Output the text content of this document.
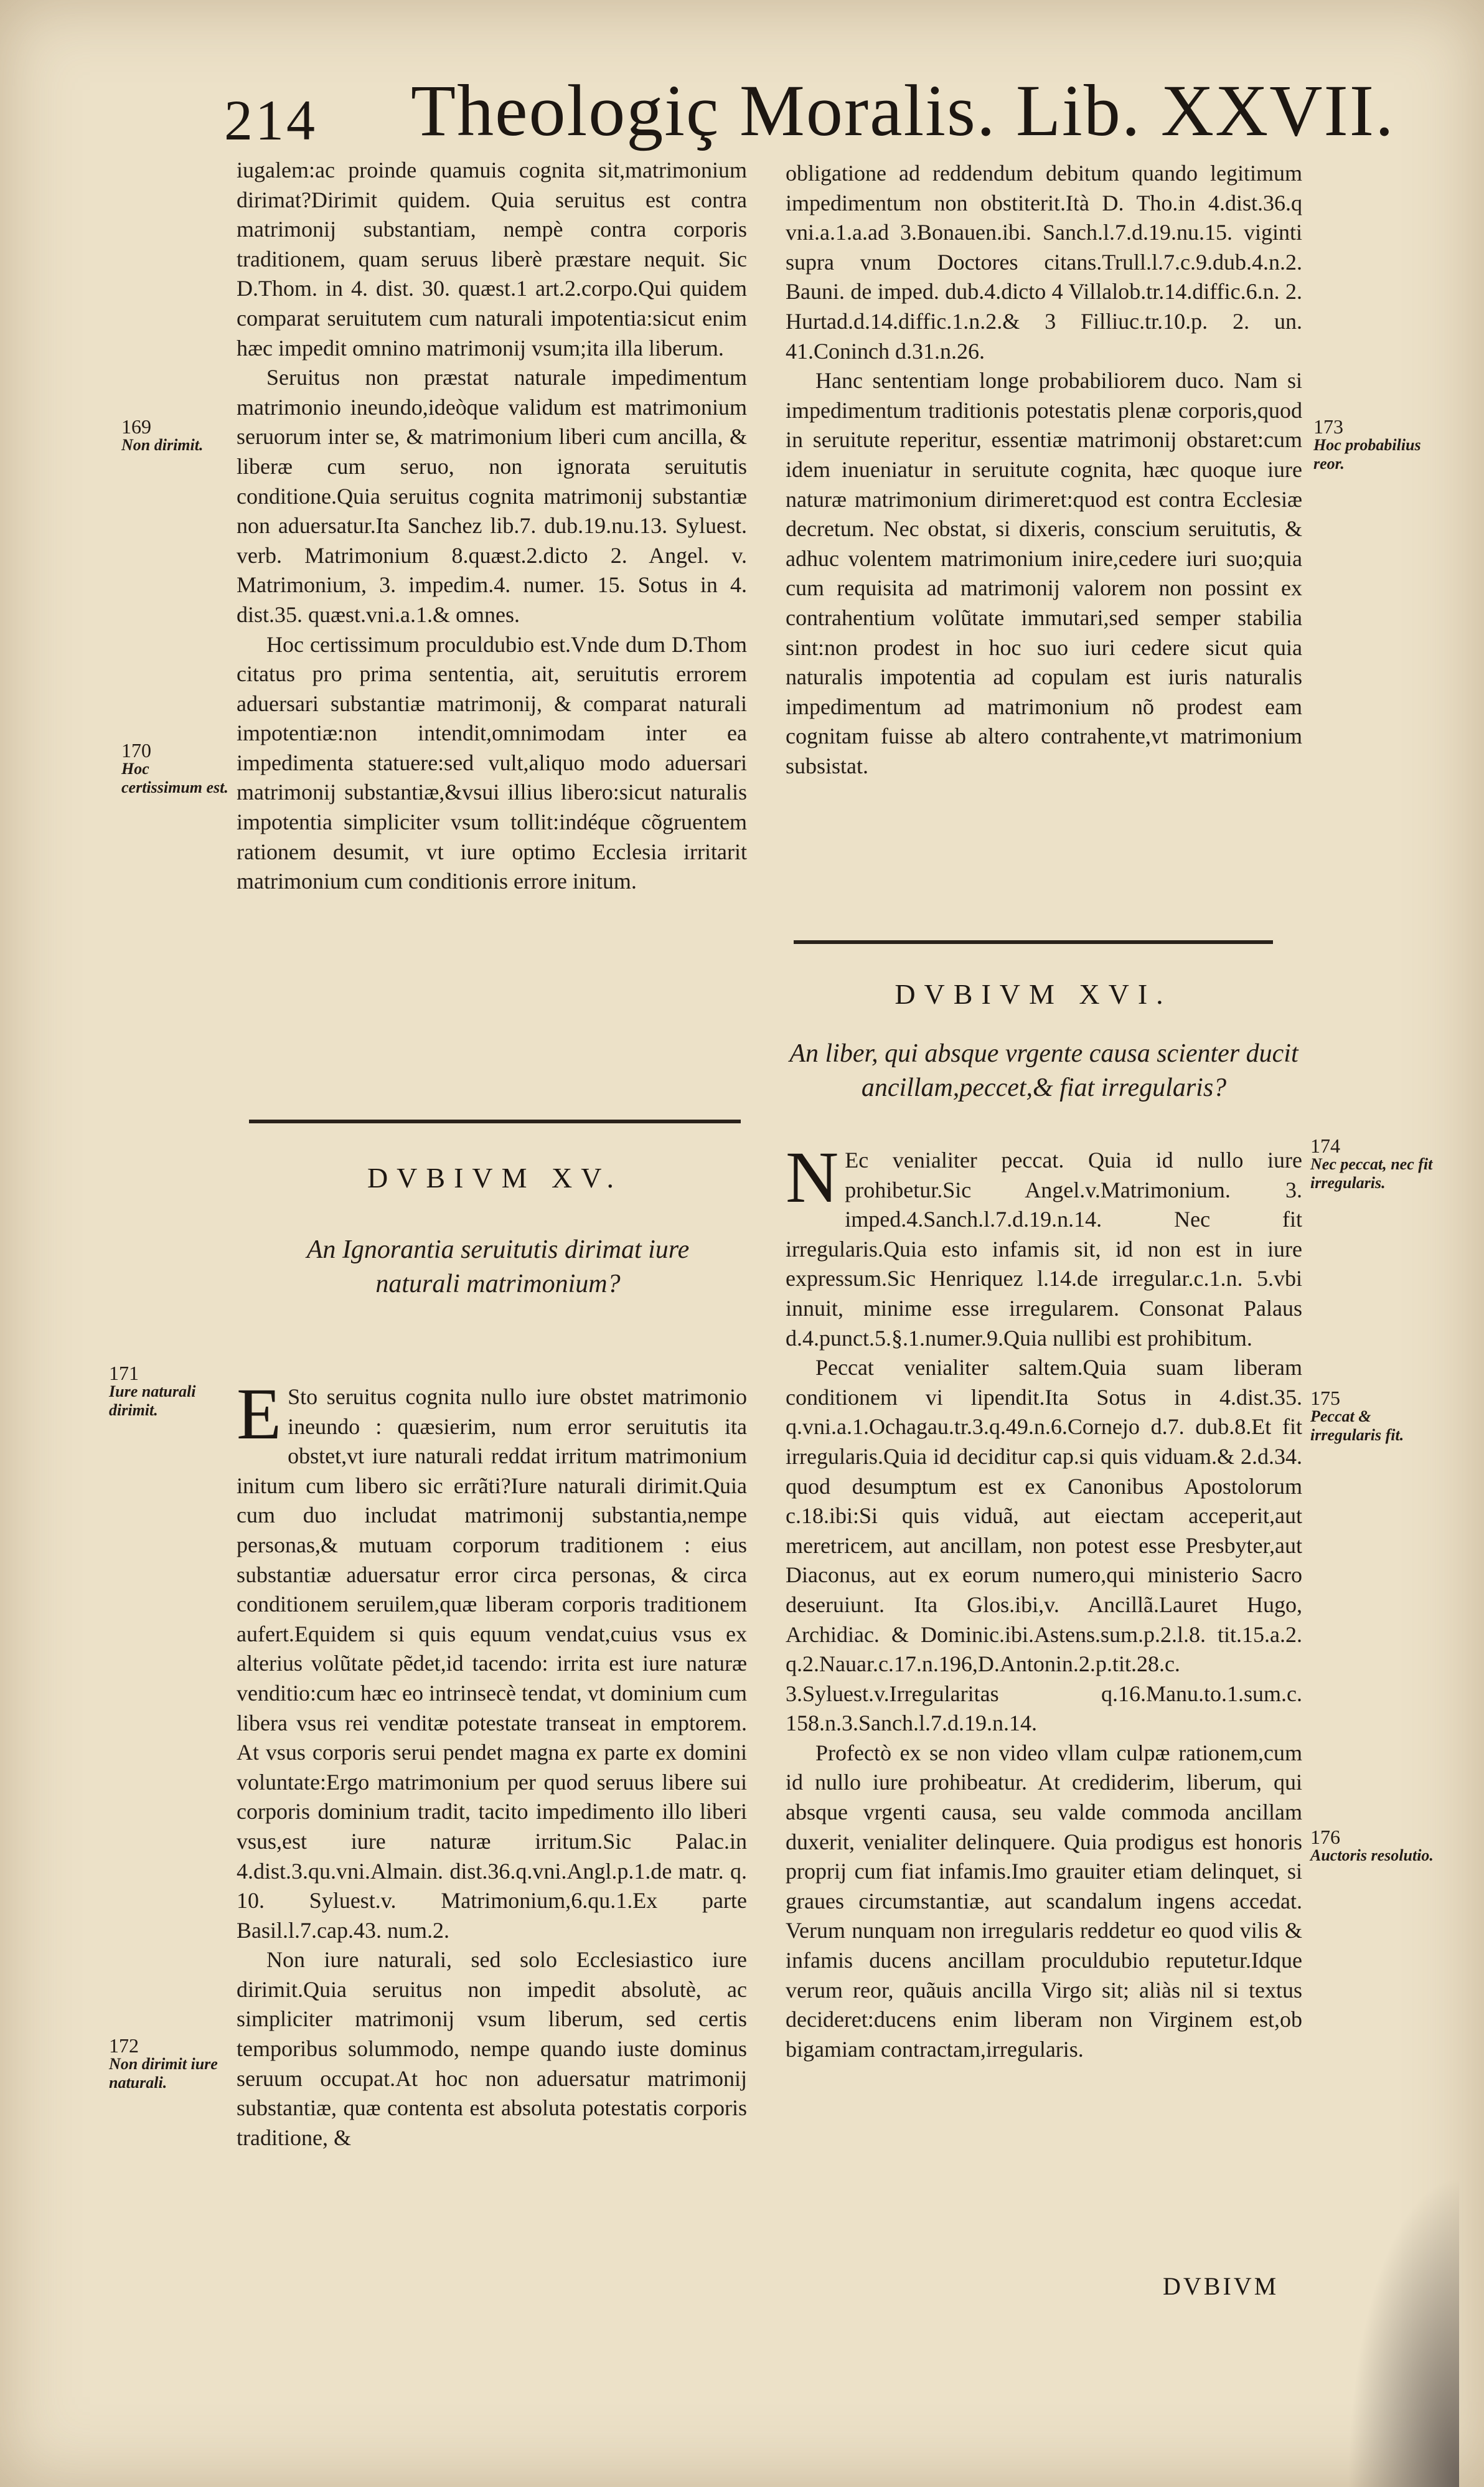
214 Theologiç Moralis. Lib. XXVII.

iugalem:ac proinde quamuis cognita sit,matrimonium dirimat?Dirimit quidem. Quia seruitus est contra matrimonij substantiam, nempè contra corporis traditionem, quam seruus liberè præstare nequit. Sic D.Thom. in 4. dist. 30. quæst.1 art.2.corpo.Qui quidem comparat seruitutem cum naturali impotentia:sicut enim hæc impedit omnino matrimonij vsum;ita illa liberum.

Seruitus non præstat naturale impedimentum matrimonio ineundo,ideòque validum est matrimonium seruorum inter se, & matrimonium liberi cum ancilla, & liberæ cum seruo, non ignorata seruitutis conditione.Quia seruitus cognita matrimonij substantiæ non aduersatur.Ita Sanchez lib.7. dub.19.nu.13. Syluest. verb. Matrimonium 8.quæst.2.dicto 2. Angel. v. Matrimonium, 3. impedim.4. numer. 15. Sotus in 4. dist.35. quæst.vni.a.1.& omnes.

Hoc certissimum proculdubio est.Vnde dum D.Thom citatus pro prima sententia, ait, seruitutis errorem aduersari substantiæ matrimonij, & comparat naturali impotentiæ:non intendit,omnimodam inter ea impedimenta statuere:sed vult,aliquo modo aduersari matrimonij substantiæ,&vsui illius libero:sicut naturalis impotentia simpliciter vsum tollit:indéque cõgruentem rationem desumit, vt iure optimo Ecclesia irritarit matrimonium cum conditionis errore initum.

DVBIVM XV.
An Ignorantia seruitutis dirimat iure naturali matrimonium?

E Sto seruitus cognita nullo iure obstet matrimonio ineundo : quæsierim, num error seruitutis ita obstet,vt iure naturali reddat irritum matrimonium initum cum libero sic errãti?Iure naturali dirimit.Quia cum duo includat matrimonij substantia,nempe personas,& mutuam corporum traditionem : eius substantiæ aduersatur error circa personas, & circa conditionem seruilem,quæ liberam corporis traditionem aufert.Equidem si quis equum vendat,cuius vsus ex alterius volũtate pẽdet,id tacendo: irrita est iure naturæ venditio:cum hæc eo intrinsecè tendat, vt dominium cum libera vsus rei venditæ potestate transeat in emptorem. At vsus corporis serui pendet magna ex parte ex domini voluntate:Ergo matrimonium per quod seruus libere sui corporis dominium tradit, tacito impedimento illo liberi vsus,est iure naturæ irritum.Sic Palac.in 4.dist.3.qu.vni.Almain. dist.36.q.vni.Angl.p.1.de matr. q. 10. Syluest.v. Matrimonium,6.qu.1.Ex parte Basil.l.7.cap.43. num.2.

Non iure naturali, sed solo Ecclesiastico iure dirimit.Quia seruitus non impedit absolutè, ac simpliciter matrimonij vsum liberum, sed certis temporibus solummodo, nempe quando iuste dominus seruum occupat.At hoc non aduersatur matrimonij substantiæ, quæ contenta est absoluta potestatis corporis traditione, &

obligatione ad reddendum debitum quando legitimum impedimentum non obstiterit.Ità D. Tho.in 4.dist.36.q vni.a.1.a.ad 3.Bonauen.ibi. Sanch.l.7.d.19.nu.15. viginti supra vnum Doctores citans.Trull.l.7.c.9.dub.4.n.2. Bauni. de imped. dub.4.dicto 4 Villalob.tr.14.diffic.6.n. 2. Hurtad.d.14.diffic.1.n.2.& 3 Filliuc.tr.10.p. 2. un. 41.Coninch d.31.n.26.

Hanc sententiam longe probabiliorem duco. Nam si impedimentum traditionis potestatis plenæ corporis,quod in seruitute reperitur, essentiæ matrimonij obstaret:cum idem inueniatur in seruitute cognita, hæc quoque iure naturæ matrimonium dirimeret:quod est contra Ecclesiæ decretum. Nec obstat, si dixeris, conscium seruitutis, & adhuc volentem matrimonium inire,cedere iuri suo;quia cum requisita ad matrimonij valorem non possint ex contrahentium volũtate immutari,sed semper stabilia sint:non prodest in hoc suo iuri cedere sicut quia naturalis impotentia ad copulam est iuris naturalis impedimentum ad matrimonium nõ prodest eam cognitam fuisse ab altero contrahente,vt matrimonium subsistat.

DVBIVM XVI.
An liber, qui absque vrgente causa scienter ducit ancillam,peccet,& fiat irregularis?

N Ec venialiter peccat. Quia id nullo iure prohibetur.Sic Angel.v.Matrimonium. 3. imped.4.Sanch.l.7.d.19.n.14. Nec fit irregularis.Quia esto infamis sit, id non est in iure expressum.Sic Henriquez l.14.de irregular.c.1.n. 5.vbi innuit, minime esse irregularem. Consonat Palaus d.4.punct.5.§.1.numer.9.Quia nullibi est prohibitum.

Peccat venialiter saltem.Quia suam liberam conditionem vi lipendit.Ita Sotus in 4.dist.35. q.vni.a.1.Ochagau.tr.3.q.49.n.6.Cornejo d.7. dub.8.Et fit irregularis.Quia id deciditur cap.si quis viduam.& 2.d.34. quod desumptum est ex Canonibus Apostolorum c.18.ibi:Si quis viduã, aut eiectam acceperit,aut meretricem, aut ancillam, non potest esse Presbyter,aut Diaconus, aut ex eorum numero,qui ministerio Sacro deseruiunt. Ita Glos.ibi,v. Ancillã.Lauret Hugo, Archidiac. & Dominic.ibi.Astens.sum.p.2.l.8. tit.15.a.2. q.2.Nauar.c.17.n.196,D.Antonin.2.p.tit.28.c. 3.Syluest.v.Irregularitas q.16.Manu.to.1.sum.c. 158.n.3.Sanch.l.7.d.19.n.14.

Profectò ex se non video vllam culpæ rationem,cum id nullo iure prohibeatur. At crediderim, liberum, qui absque vrgenti causa, seu valde commoda ancillam duxerit, venialiter delinquere. Quia prodigus est honoris proprij cum fiat infamis.Imo grauiter etiam delinquet, si graues circumstantiæ, aut scandalum ingens accedat. Verum nunquam non irregularis reddetur eo quod vilis & infamis ducens ancillam proculdubio reputetur.Idque verum reor, quãuis ancilla Virgo sit; aliàs nil si textus decideret:ducens enim liberam non Virginem est,ob bigamiam contractam,irregularis.

169
Non dirimit.
170
Hoc certissimum est.
171
Iure naturali dirimit.
172
Non dirimit iure naturali.
173
Hoc probabilius reor.
174
Nec peccat, nec fit irregularis.
175
Peccat & irregularis fit.
176
Auctoris resolutio.
DVBIVM
